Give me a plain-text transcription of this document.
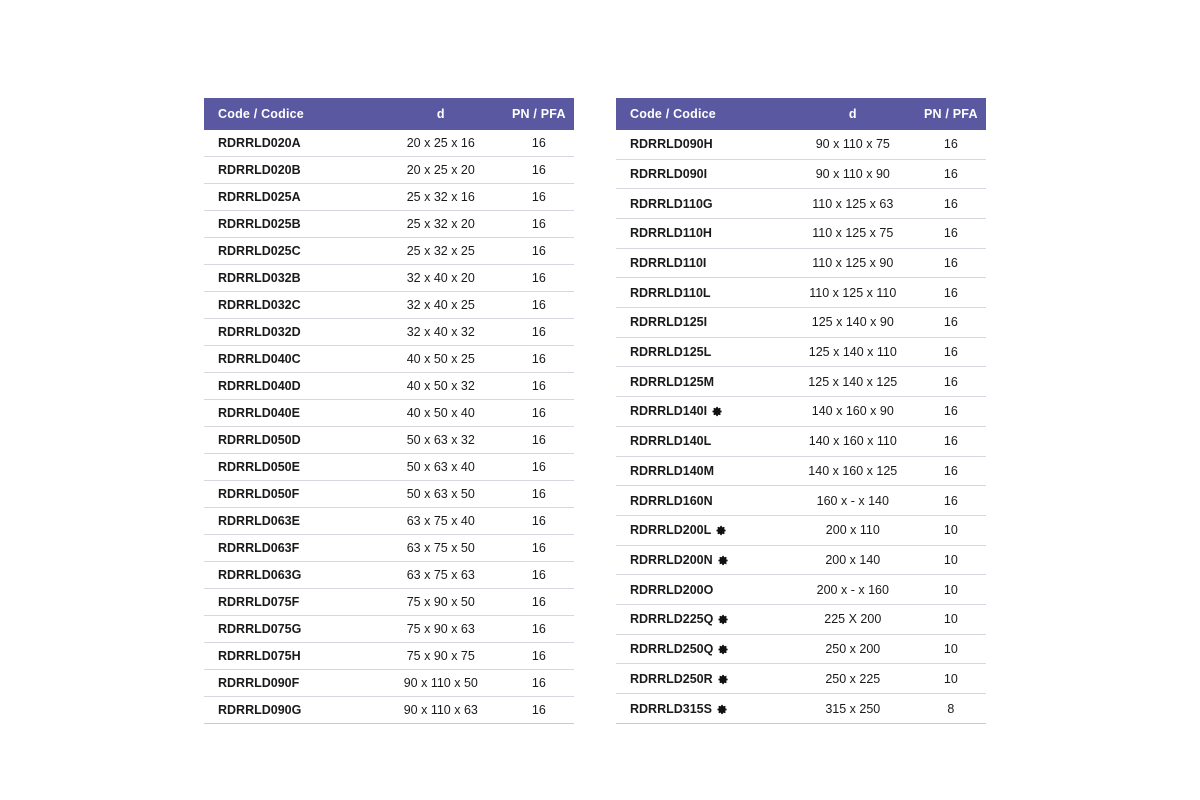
Code / Codice	d	PN / PFA
RDRRLD020A	20 x 25 x 16	16
RDRRLD020B	20 x 25 x 20	16
RDRRLD025A	25 x 32 x 16	16
RDRRLD025B	25 x 32 x 20	16
RDRRLD025C	25 x 32 x 25	16
RDRRLD032B	32 x 40 x 20	16
RDRRLD032C	32 x 40 x 25	16
RDRRLD032D	32 x 40 x 32	16
RDRRLD040C	40 x 50 x 25	16
RDRRLD040D	40 x 50 x 32	16
RDRRLD040E	40 x 50 x 40	16
RDRRLD050D	50 x 63 x 32	16
RDRRLD050E	50 x 63 x 40	16
RDRRLD050F	50 x 63 x 50	16
RDRRLD063E	63 x 75 x 40	16
RDRRLD063F	63 x 75 x 50	16
RDRRLD063G	63 x 75 x 63	16
RDRRLD075F	75 x 90 x 50	16
RDRRLD075G	75 x 90 x 63	16
RDRRLD075H	75 x 90 x 75	16
RDRRLD090F	90 x 110 x 50	16
RDRRLD090G	90 x 110 x 63	16
Code / Codice	d	PN / PFA
RDRRLD090H	90 x 110 x 75	16
RDRRLD090I	90 x 110 x 90	16
RDRRLD110G	110 x 125 x 63	16
RDRRLD110H	110 x 125 x 75	16
RDRRLD110I	110 x 125 x 90	16
RDRRLD110L	110 x 125 x 110	16
RDRRLD125I	125 x 140 x 90	16
RDRRLD125L	125 x 140 x 110	16
RDRRLD125M	125 x 140 x 125	16
RDRRLD140I	140 x 160 x 90	16
RDRRLD140L	140 x 160 x 110	16
RDRRLD140M	140 x 160 x 125	16
RDRRLD160N	160 x - x 140	16
RDRRLD200L	200 x 110	10
RDRRLD200N	200 x 140	10
RDRRLD200O	200 x - x 160	10
RDRRLD225Q	225 X 200	10
RDRRLD250Q	250 x 200	10
RDRRLD250R	250 x 225	10
RDRRLD315S	315 x 250	8
